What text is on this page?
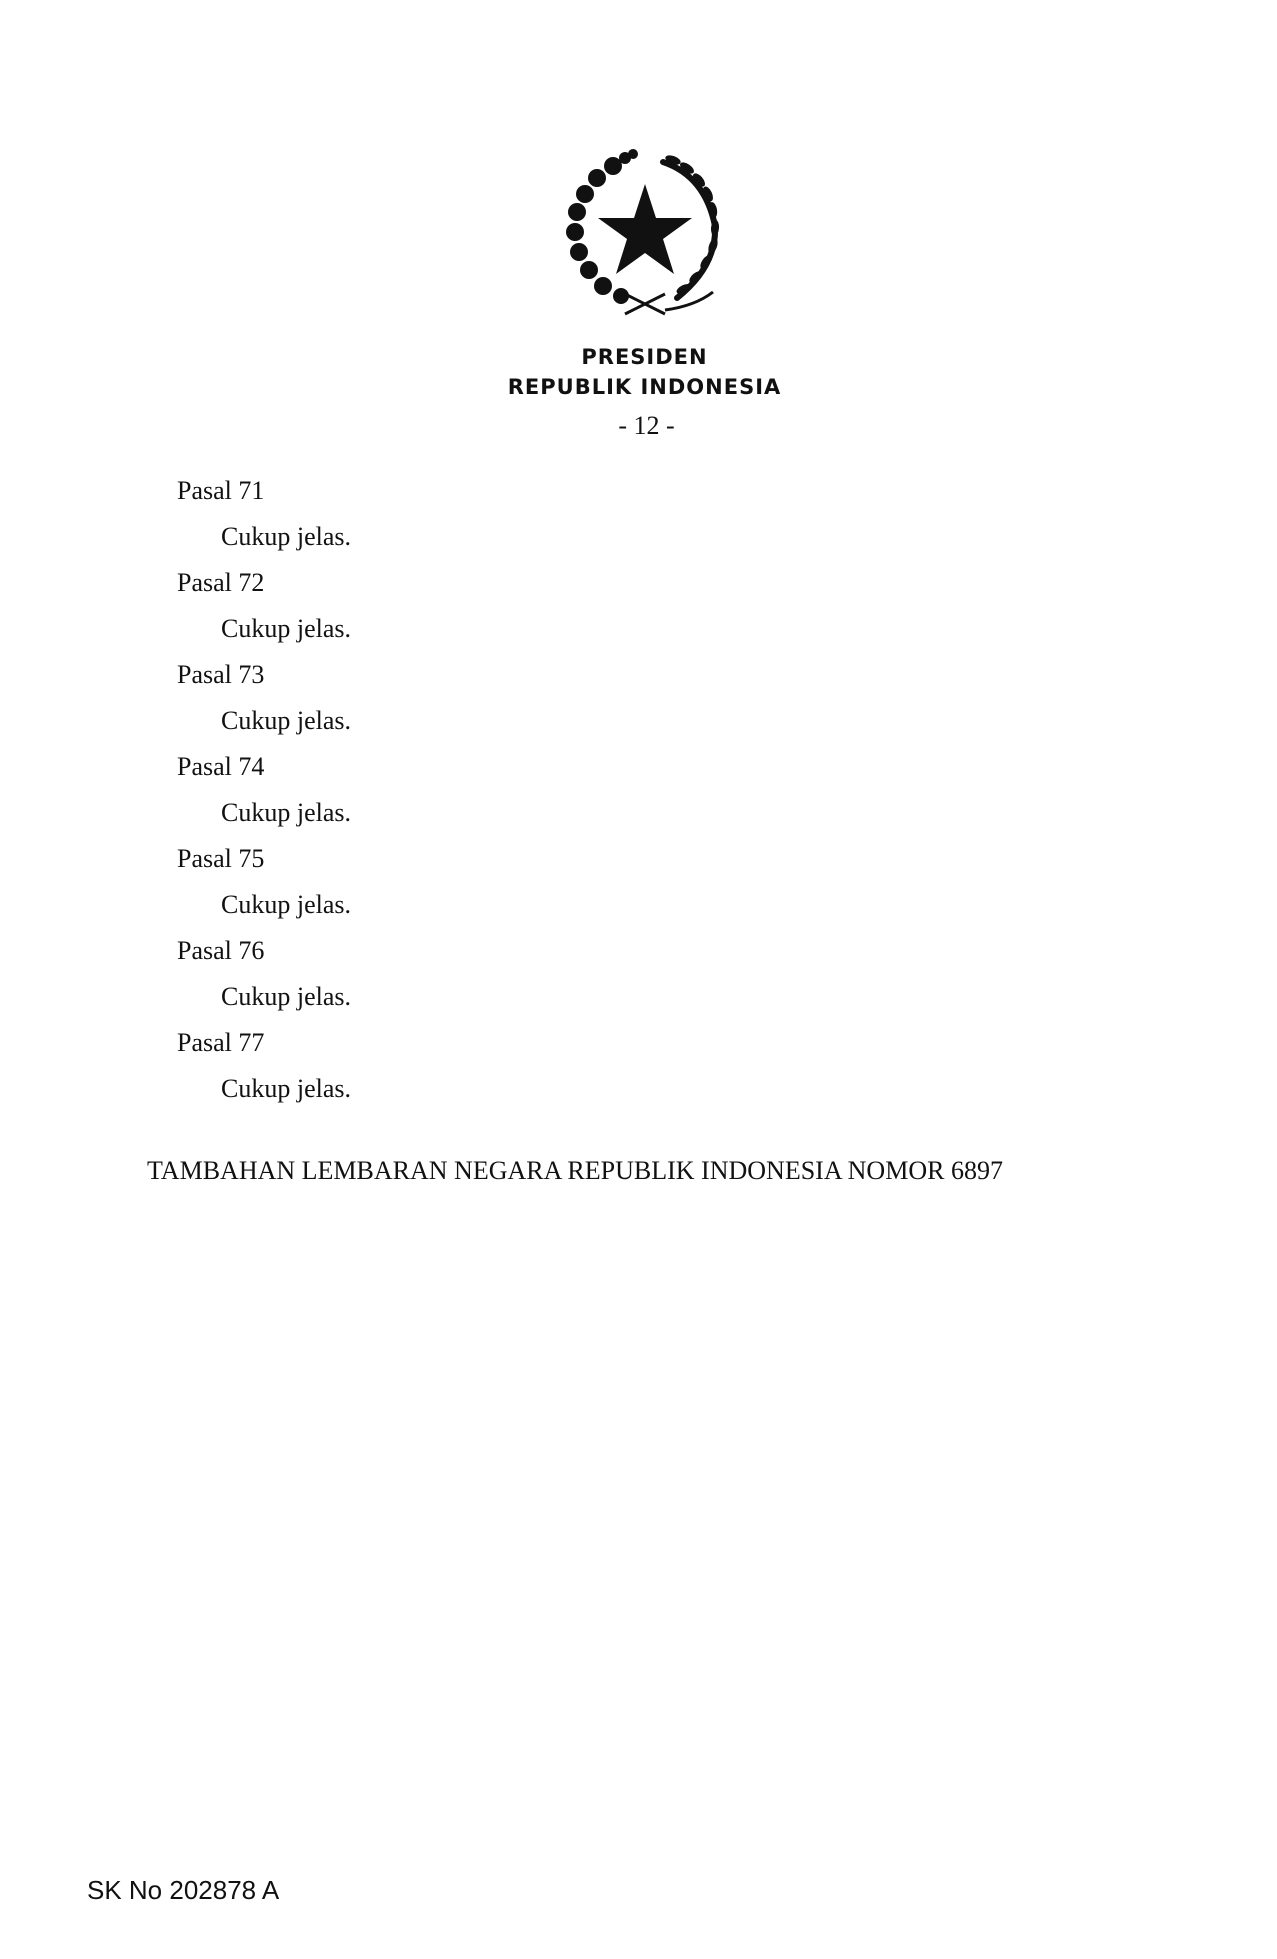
PRESIDEN
REPUBLIK INDONESIA
- 12 -
Pasal 71
Cukup jelas.
Pasal 72
Cukup jelas.
Pasal 73
Cukup jelas.
Pasal 74
Cukup jelas.
Pasal 75
Cukup jelas.
Pasal 76
Cukup jelas.
Pasal 77
Cukup jelas.
TAMBAHAN LEMBARAN NEGARA REPUBLIK INDONESIA NOMOR 6897
SK No 202878 A
